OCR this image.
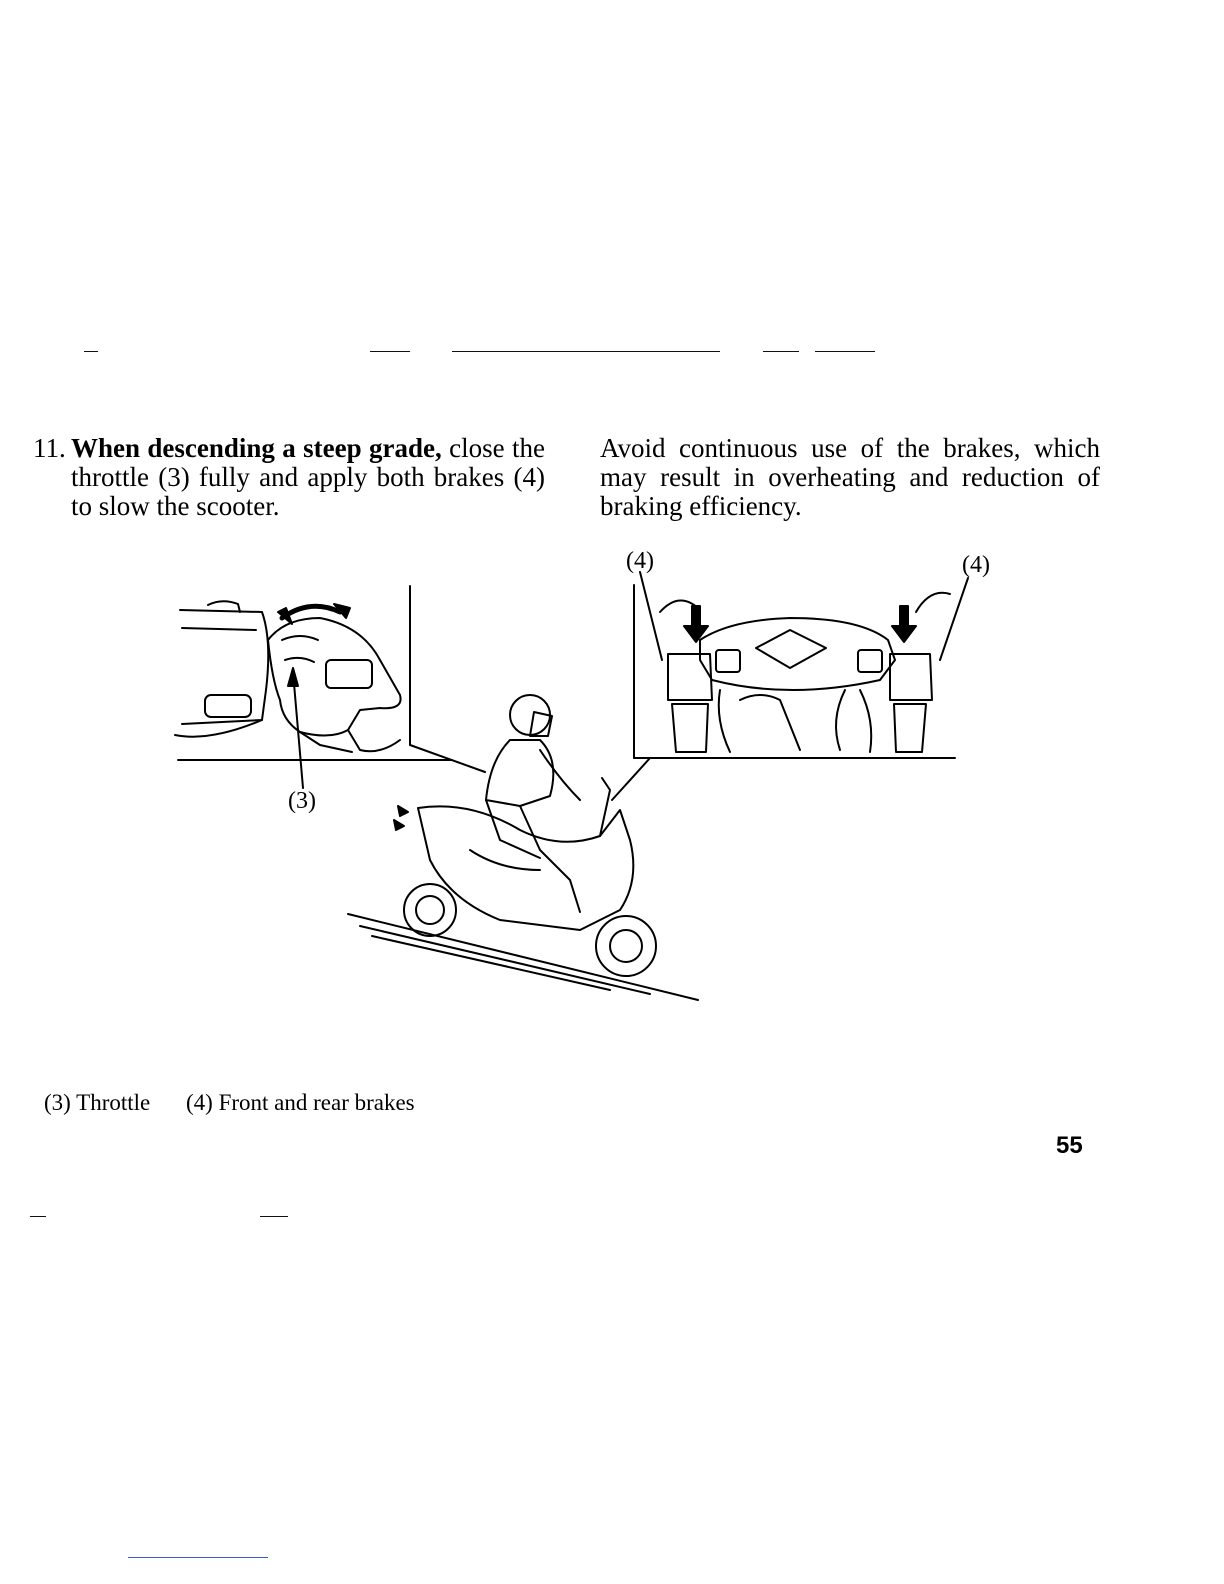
11. When descending a steep grade, close the throttle (3) fully and apply both brakes (4) to slow the scooter.
Avoid continuous use of the brakes, which may result in overheating and reduction of braking efficiency.
(3)
(4)	(4)
(3) Throttle (4) Front and rear brakes
55
